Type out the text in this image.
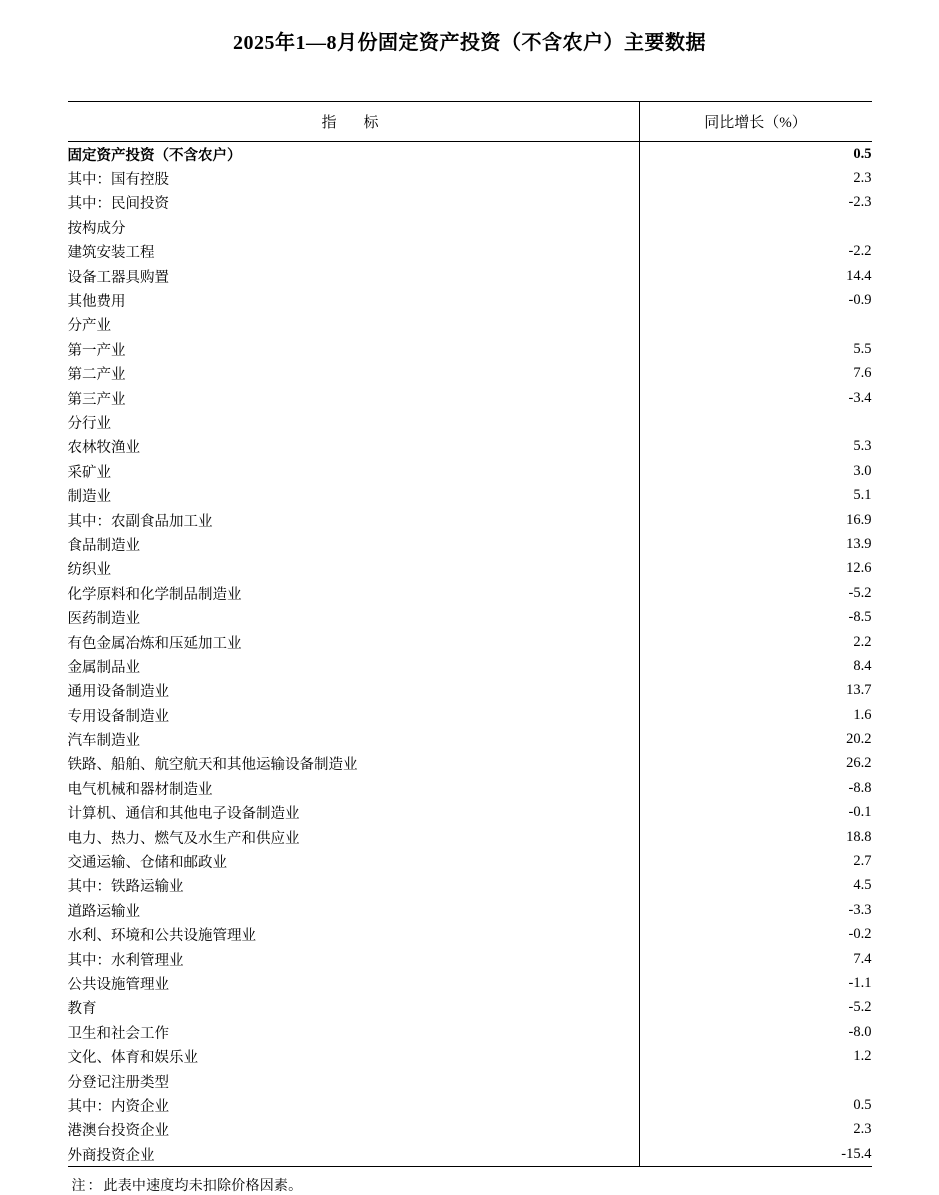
2025年1—8月份固定资产投资（不含农户）主要数据
指　标	同比增长（%）
固定资产投资（不含农户）	0.5
其中：国有控股	2.3
其中：民间投资	-2.3
按构成分	
建筑安装工程	-2.2
设备工器具购置	14.4
其他费用	-0.9
分产业	
第一产业	5.5
第二产业	7.6
第三产业	-3.4
分行业	
农林牧渔业	5.3
采矿业	3.0
制造业	5.1
其中：农副食品加工业	16.9
食品制造业	13.9
纺织业	12.6
化学原料和化学制品制造业	-5.2
医药制造业	-8.5
有色金属冶炼和压延加工业	2.2
金属制品业	8.4
通用设备制造业	13.7
专用设备制造业	1.6
汽车制造业	20.2
铁路、船舶、航空航天和其他运输设备制造业	26.2
电气机械和器材制造业	-8.8
计算机、通信和其他电子设备制造业	-0.1
电力、热力、燃气及水生产和供应业	18.8
交通运输、仓储和邮政业	2.7
其中：铁路运输业	4.5
道路运输业	-3.3
水利、环境和公共设施管理业	-0.2
其中：水利管理业	7.4
公共设施管理业	-1.1
教育	-5.2
卫生和社会工作	-8.0
文化、体育和娱乐业	1.2
分登记注册类型	
其中：内资企业	0.5
港澳台投资企业	2.3
外商投资企业	-15.4
注：此表中速度均未扣除价格因素。
